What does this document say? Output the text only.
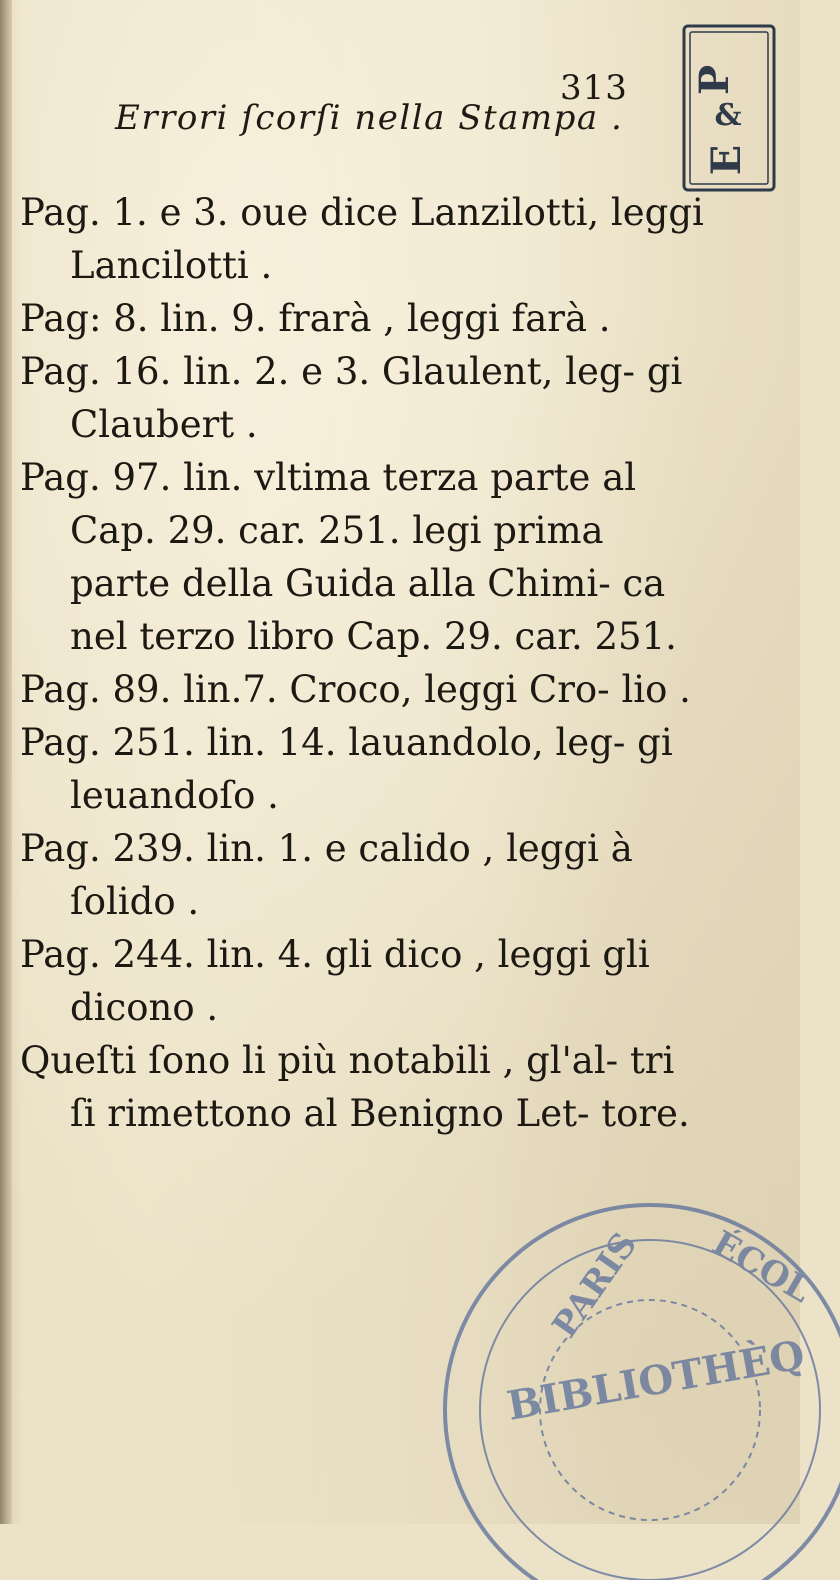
313
Errori ſcorſi nella Stampa .
P
&
E

Pag. 1. e 3. oue dice Lanzilotti, leggi Lancilotti .

Pag: 8. lin. 9. frarà , leggi farà .

Pag. 16. lin. 2. e 3. Glaulent, leg- gi Claubert .

Pag. 97. lin. vltima terza parte al Cap. 29. car. 251. legi prima parte della Guida alla Chimi- ca nel terzo libro Cap. 29. car. 251.

Pag. 89. lin.7. Croco, leggi Cro- lio .

Pag. 251. lin. 14. lauandolo, leg- gi leuandoſo .

Pag. 239. lin. 1. e calido , leggi à ſolido .

Pag. 244. lin. 4. gli dico , leggi gli dicono .

Queſti ſono li più notabili , gl'al- tri ſi rimettono al Benigno Let- tore.

PARIS ÉCOL
BIBLIOTHÈQ
